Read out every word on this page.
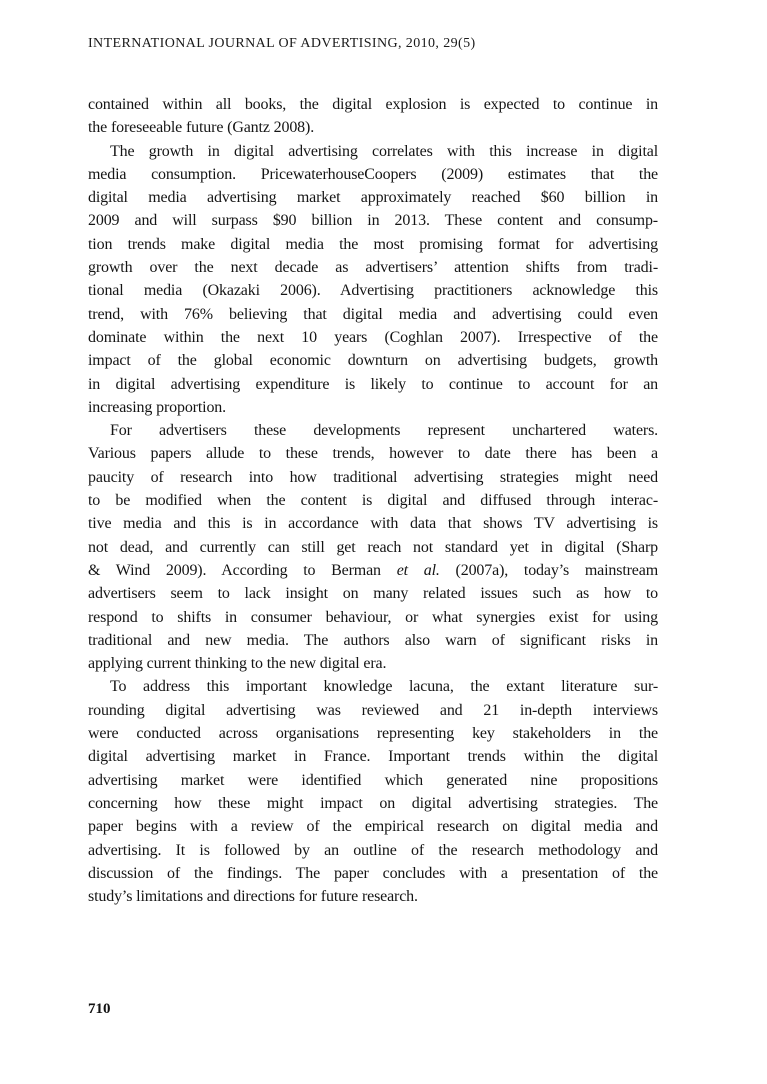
INTERNATIONAL JOURNAL OF ADVERTISING, 2010, 29(5)
contained within all books, the digital explosion is expected to continue in
the foreseeable future (Gantz 2008).
The growth in digital advertising correlates with this increase in digital
media consumption. PricewaterhouseCoopers (2009) estimates that the
digital media advertising market approximately reached $60 billion in
2009 and will surpass $90 billion in 2013. These content and consump-
tion trends make digital media the most promising format for advertising
growth over the next decade as advertisers’ attention shifts from tradi-
tional media (Okazaki 2006). Advertising practitioners acknowledge this
trend, with 76% believing that digital media and advertising could even
dominate within the next 10 years (Coghlan 2007). Irrespective of the
impact of the global economic downturn on advertising budgets, growth
in digital advertising expenditure is likely to continue to account for an
increasing proportion.
For advertisers these developments represent unchartered waters.
Various papers allude to these trends, however to date there has been a
paucity of research into how traditional advertising strategies might need
to be modified when the content is digital and diffused through interac-
tive media and this is in accordance with data that shows TV advertising is
not dead, and currently can still get reach not standard yet in digital (Sharp
& Wind 2009). According to Berman et al. (2007a), today’s mainstream
advertisers seem to lack insight on many related issues such as how to
respond to shifts in consumer behaviour, or what synergies exist for using
traditional and new media. The authors also warn of significant risks in
applying current thinking to the new digital era.
To address this important knowledge lacuna, the extant literature sur-
rounding digital advertising was reviewed and 21 in-depth interviews
were conducted across organisations representing key stakeholders in the
digital advertising market in France. Important trends within the digital
advertising market were identified which generated nine propositions
concerning how these might impact on digital advertising strategies. The
paper begins with a review of the empirical research on digital media and
advertising. It is followed by an outline of the research methodology and
discussion of the findings. The paper concludes with a presentation of the
study’s limitations and directions for future research.
710
